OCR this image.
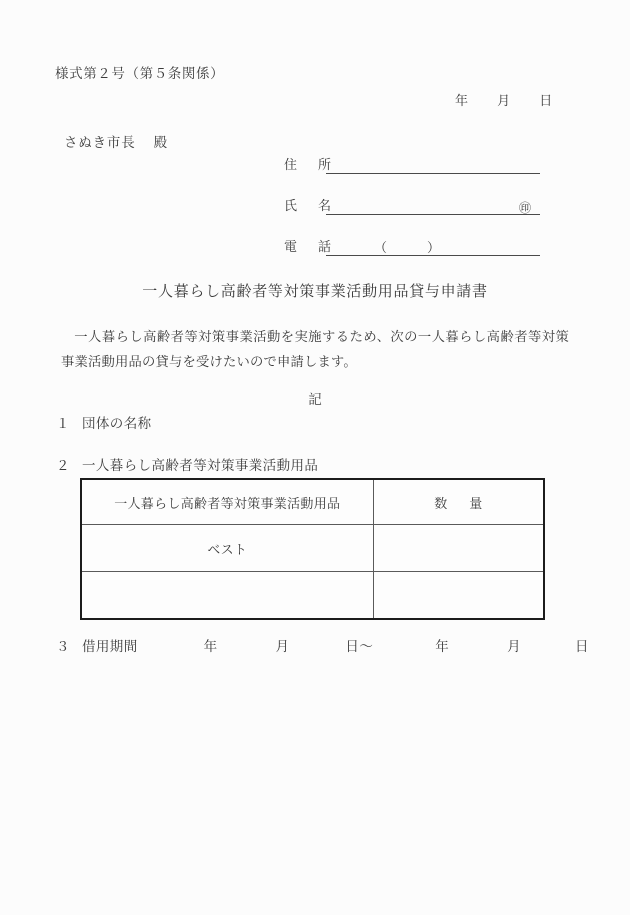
様式第２号（第５条関係）
年 月 日
さぬき市長 殿
住　所
氏　名	㊞
電　話	（	）
一人暮らし高齢者等対策事業活動用品貸与申請書
一人暮らし高齢者等対策事業活動を実施するため、次の一人暮らし高齢者等対策事業活動用品の貸与を受けたいので申請します。
記
１ 団体の名称
２ 一人暮らし高齢者等対策事業活動用品
一人暮らし高齢者等対策事業活動用品	数 量
ベスト	

３ 借用期間	年	月	日〜	年	月	日
